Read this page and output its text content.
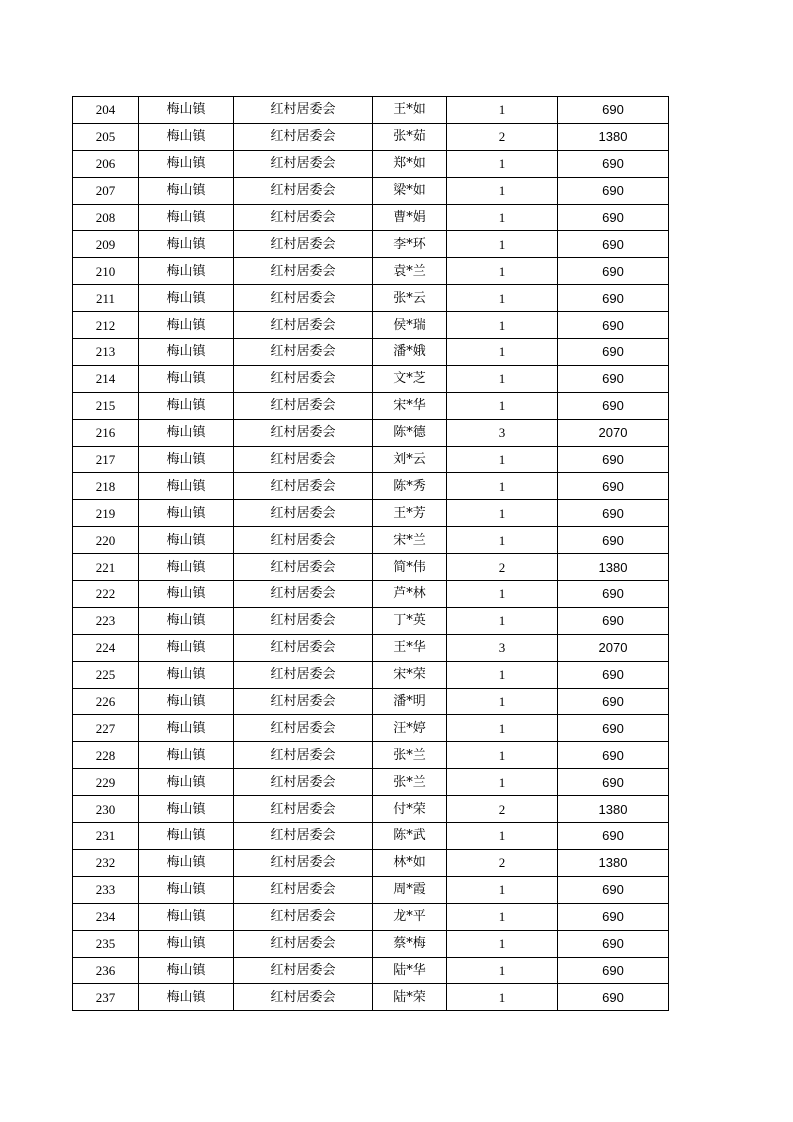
204	梅山镇	红村居委会	王*如	1	690
205	梅山镇	红村居委会	张*茹	2	1380
206	梅山镇	红村居委会	郑*如	1	690
207	梅山镇	红村居委会	梁*如	1	690
208	梅山镇	红村居委会	曹*娟	1	690
209	梅山镇	红村居委会	李*环	1	690
210	梅山镇	红村居委会	袁*兰	1	690
211	梅山镇	红村居委会	张*云	1	690
212	梅山镇	红村居委会	侯*瑞	1	690
213	梅山镇	红村居委会	潘*娥	1	690
214	梅山镇	红村居委会	文*芝	1	690
215	梅山镇	红村居委会	宋*华	1	690
216	梅山镇	红村居委会	陈*德	3	2070
217	梅山镇	红村居委会	刘*云	1	690
218	梅山镇	红村居委会	陈*秀	1	690
219	梅山镇	红村居委会	王*芳	1	690
220	梅山镇	红村居委会	宋*兰	1	690
221	梅山镇	红村居委会	简*伟	2	1380
222	梅山镇	红村居委会	芦*林	1	690
223	梅山镇	红村居委会	丁*英	1	690
224	梅山镇	红村居委会	王*华	3	2070
225	梅山镇	红村居委会	宋*荣	1	690
226	梅山镇	红村居委会	潘*明	1	690
227	梅山镇	红村居委会	汪*婷	1	690
228	梅山镇	红村居委会	张*兰	1	690
229	梅山镇	红村居委会	张*兰	1	690
230	梅山镇	红村居委会	付*荣	2	1380
231	梅山镇	红村居委会	陈*武	1	690
232	梅山镇	红村居委会	林*如	2	1380
233	梅山镇	红村居委会	周*霞	1	690
234	梅山镇	红村居委会	龙*平	1	690
235	梅山镇	红村居委会	蔡*梅	1	690
236	梅山镇	红村居委会	陆*华	1	690
237	梅山镇	红村居委会	陆*荣	1	690
